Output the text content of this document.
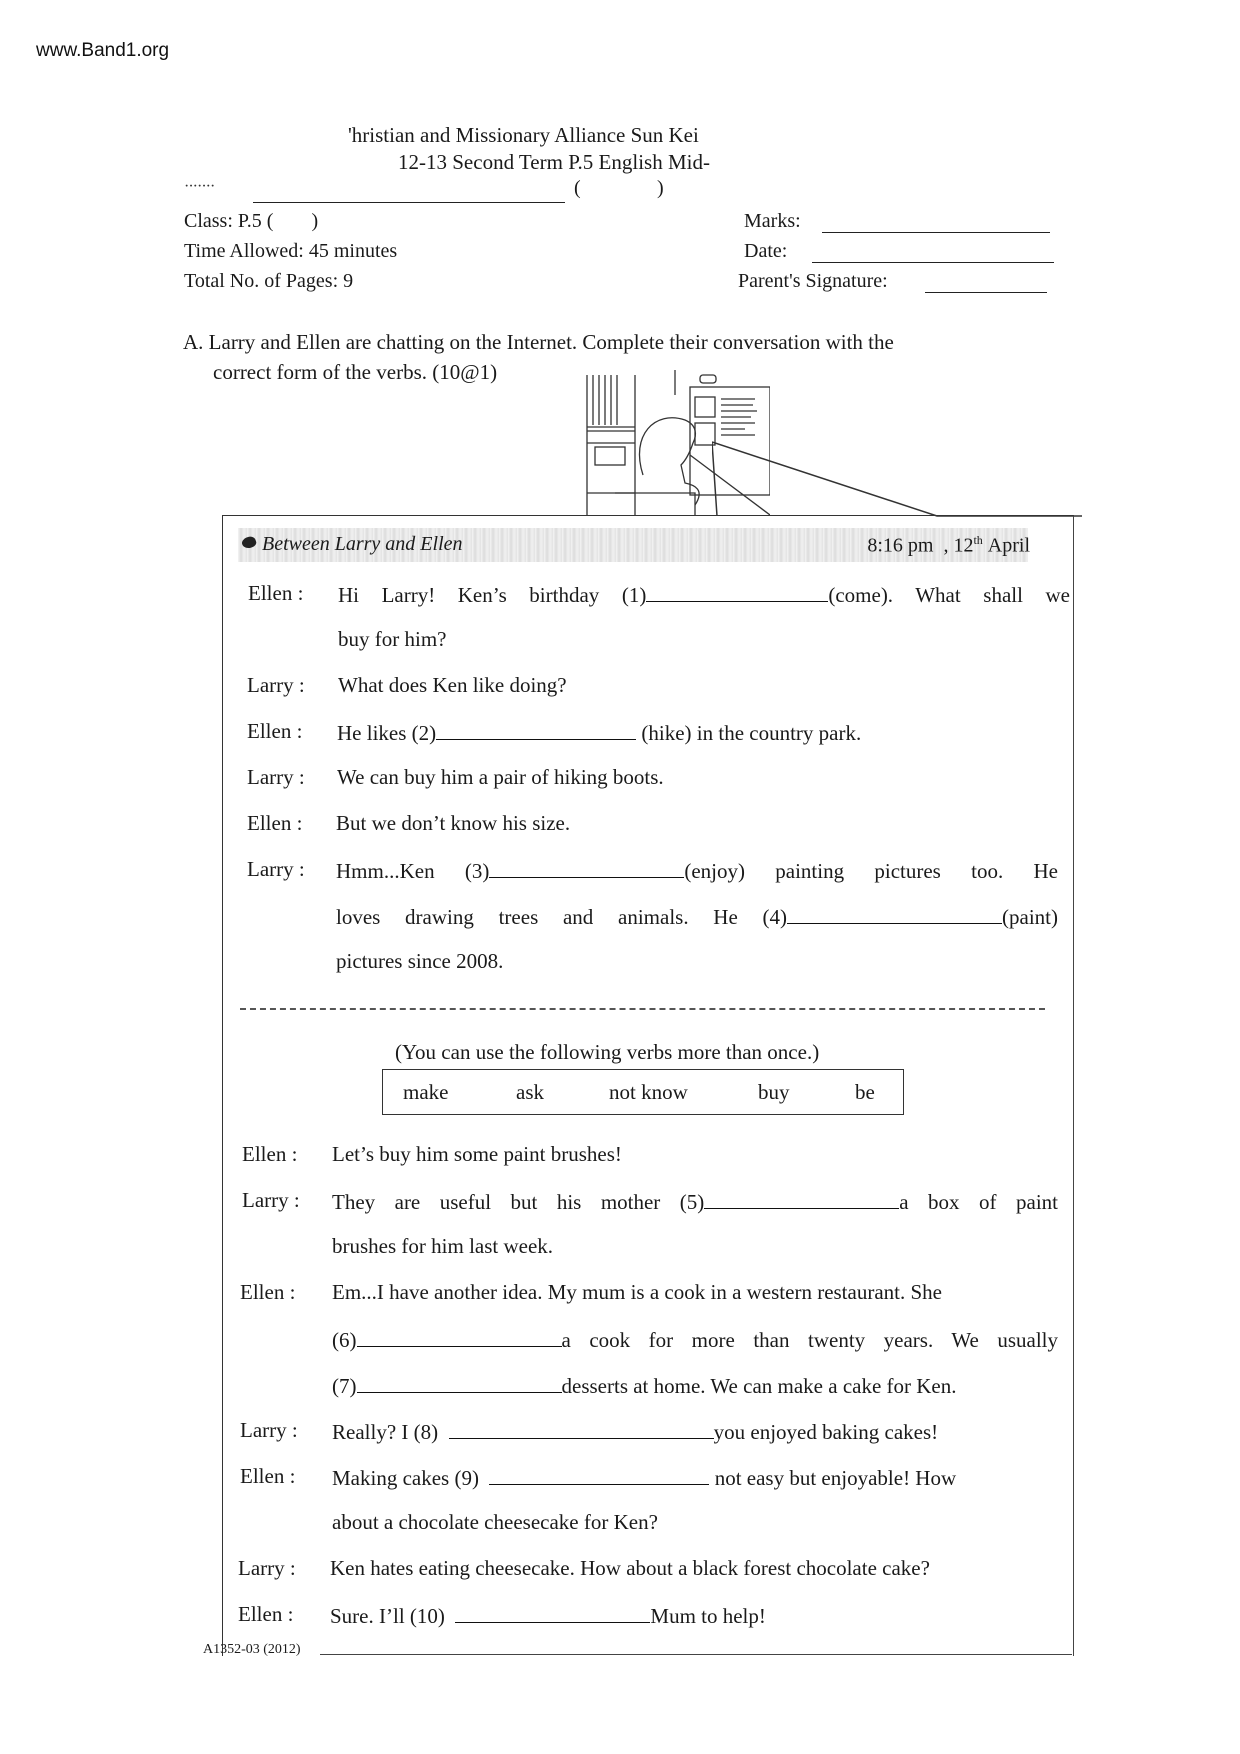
www.Band1.org
'hristian and Missionary Alliance Sun Kei
12-13 Second Term P.5 English Mid-
·······	(	)
Class: P.5 ( )
Time Allowed: 45 minutes
Total No. of Pages: 9
Marks:
Date:
Parent's Signature:
A. Larry and Ellen are chatting on the Internet. Complete their conversation with the
correct form of the verbs. (10@1)
Between Larry and Ellen	8:16 pm  , 12th April
Ellen :	Hi Larry! Ken’s birthday (1)	(come). What shall we
buy for him?
Larry :	What does Ken like doing?
Ellen :	He likes (2)	(hike) in the country park.
Larry :	We can buy him a pair of hiking boots.
Ellen :	But we don’t know his size.
Larry :	Hmm...Ken (3)	(enjoy) painting pictures too. He
loves drawing trees and animals. He (4)	(paint)
pictures since 2008.
(You can use the following verbs more than once.)
make	ask	not know	buy	be
Ellen :	Let’s buy him some paint brushes!
Larry :	They are useful but his mother (5)	a box of paint
brushes for him last week.
Ellen :	Em...I have another idea. My mum is a cook in a western restaurant. She
(6)	a cook for more than twenty years. We usually
(7)	desserts at home. We can make a cake for Ken.
Larry :	Really? I (8)	you enjoyed baking cakes!
Ellen :	Making cakes (9)	not easy but enjoyable! How
about a chocolate cheesecake for Ken?
Larry :	Ken hates eating cheesecake. How about a black forest chocolate cake?
Ellen :	Sure. I’ll (10)	Mum to help!
A1352-03 (2012)
